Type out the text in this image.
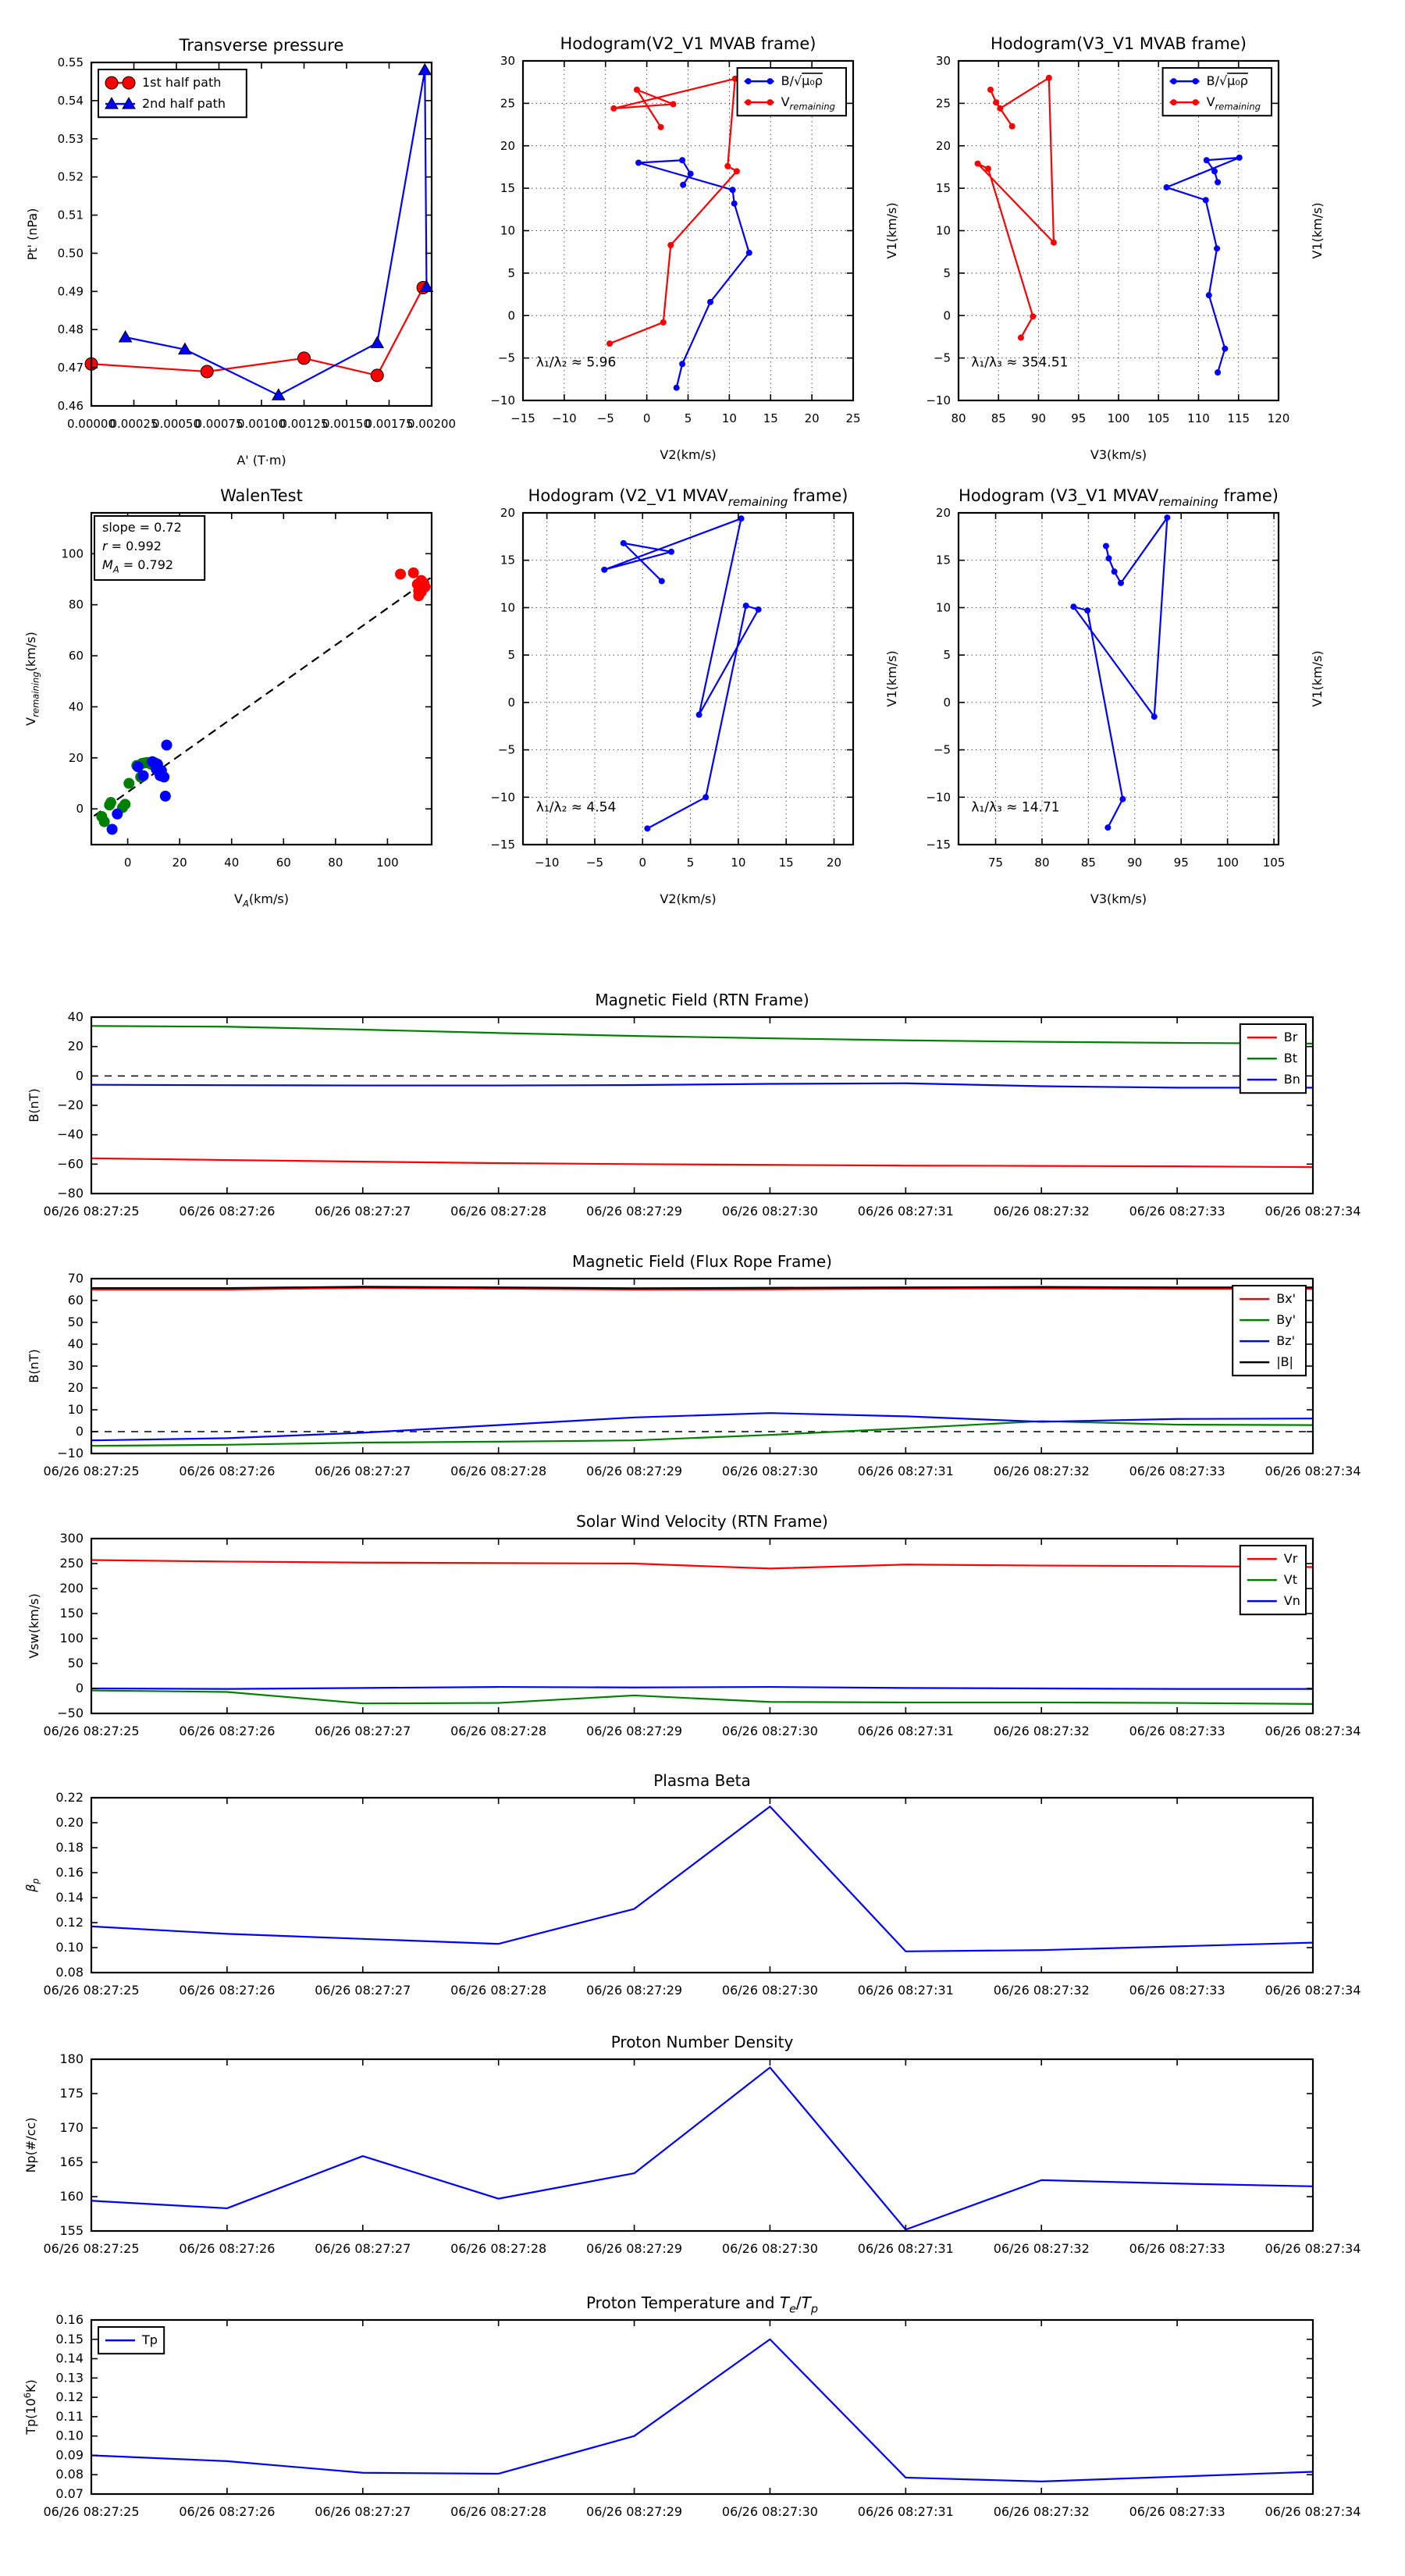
0.00000
0.00025
0.00050
0.00075
0.00100
0.00125
0.00150
0.00175
0.00200
0.55
0.54
0.53
0.52
0.51
0.50
0.49
0.48
0.47
0.46
Transverse pressure
A' (T·m)
Pt' (nPa)
1st half path
2nd half path
−15 −10 −5 0	5	10 15 20 25
30
25
20
15
10
5
0
−5
−10
Hodogram(V2_V1 MVAB frame)
V2(km/s)
V1(km/s)
λ₁/λ₂ ≈ 5.96
B/√μ₀ρ
$V_{remaining}$
80 85 90 95 100 105 110 115 120
30
25
20
15
10
5
0
−5
−10
Hodogram(V3_V1 MVAB frame)
V3(km/s)
V1(km/s)
λ₁/λ₃ ≈ 354.51
B/√μ₀ρ
$V_{remaining}$
0	20	40	60	80	100
100
80
60
40
20
0
WalenTest
$V_A(km/s)$
$V_{remaining}(km/s)$
slope = 0.72
r = 0.992
$M_A = 0.792$
−10 −5	0	5	10	15	20
20
15
10
5
0
−5
−10
−15
Hodogram (V2_V1 $MVAV_{remaining}$ frame)
V2(km/s)
V1(km/s)
λ₁/λ₂ ≈ 4.54
75	80	85	90	95 100 105
20
15
10
5
0
−5
−10
−15
Hodogram (V3_V1 $MVAV_{remaining}$ frame)
V3(km/s)
V1(km/s)
λ₁/λ₃ ≈ 14.71
06/26 08:27:25	06/26 08:27:26	06/26 08:27:27	06/26 08:27:28	06/26 08:27:29	06/26 08:27:30	06/26 08:27:31	06/26 08:27:32	06/26 08:27:33	06/26 08:27:34
40
20
0
−20
−40
−60
−80
Magnetic Field (RTN Frame)
B(nT)
Br
Bt
Bn
06/26 08:27:25	06/26 08:27:26	06/26 08:27:27	06/26 08:27:28	06/26 08:27:29	06/26 08:27:30	06/26 08:27:31	06/26 08:27:32	06/26 08:27:33	06/26 08:27:34
70
60
50
40
30
20
10
0
−10
Magnetic Field (Flux Rope Frame)
B(nT)
Bx'
By'
Bz'
|B|
06/26 08:27:25	06/26 08:27:26	06/26 08:27:27	06/26 08:27:28	06/26 08:27:29	06/26 08:27:30	06/26 08:27:31	06/26 08:27:32	06/26 08:27:33	06/26 08:27:34
300
250
200
150
100
50
0
−50
Solar Wind Velocity (RTN Frame)
Vsw(km/s)
Vr
Vt
Vn
06/26 08:27:25	06/26 08:27:26	06/26 08:27:27	06/26 08:27:28	06/26 08:27:29	06/26 08:27:30	06/26 08:27:31	06/26 08:27:32	06/26 08:27:33	06/26 08:27:34
0.22
0.20
0.18
0.16
0.14
0.12
0.10
0.08
Plasma Beta
$\beta_p$
06/26 08:27:25	06/26 08:27:26	06/26 08:27:27	06/26 08:27:28	06/26 08:27:29	06/26 08:27:30	06/26 08:27:31	06/26 08:27:32	06/26 08:27:33	06/26 08:27:34
180
175
170
165
160
155
Proton Number Density
Np(#/cc)
06/26 08:27:25	06/26 08:27:26	06/26 08:27:27	06/26 08:27:28	06/26 08:27:29	06/26 08:27:30	06/26 08:27:31	06/26 08:27:32	06/26 08:27:33	06/26 08:27:34
0.16
0.15
0.14
0.13
0.12
0.11
0.10
0.09
0.08
0.07
Proton Temperature and $T_e/T_p$
$Tp(10^6K)$
Tp
